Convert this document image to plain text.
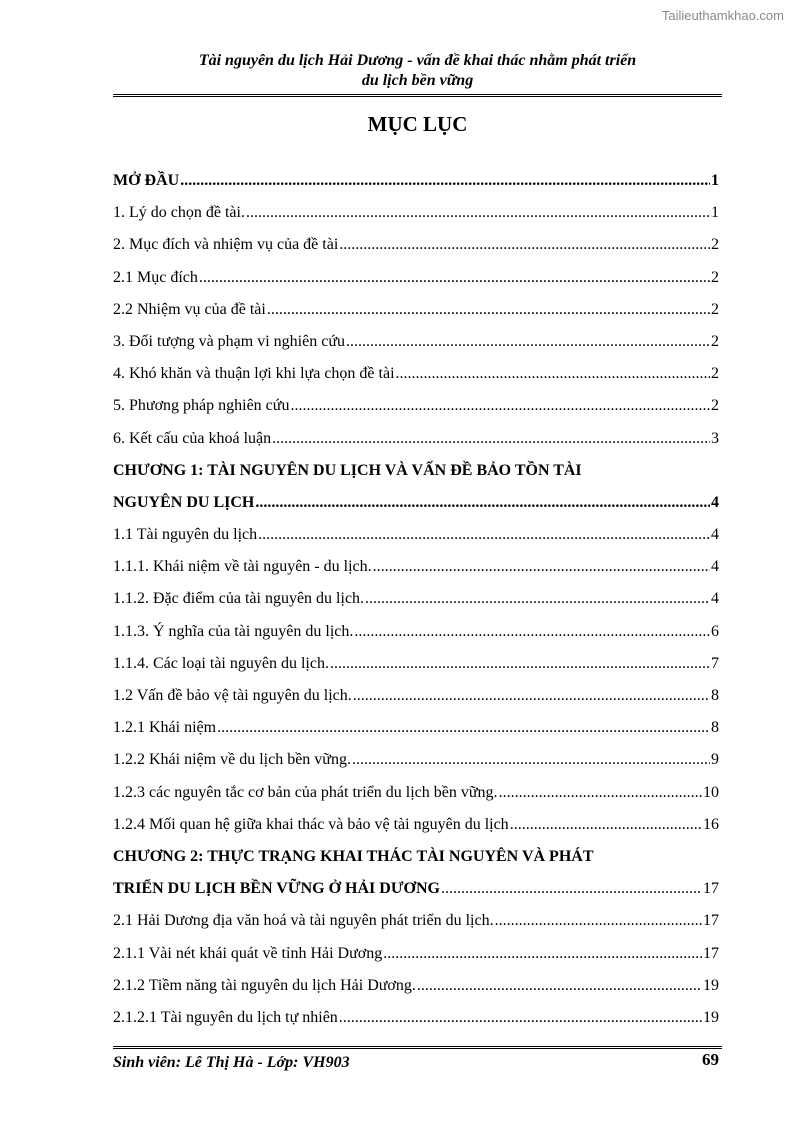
Tailieuthamkhao.com
Tài nguyên du lịch Hải Dương - vấn đề khai thác nhằm phát triển
du lịch bền vững
MỤC LỤC
MỞ ĐẦU .....	1
1. Lý do chọn đề tài. .....	1
2. Mục đích và nhiệm vụ của đề tài .....	2
2.1 Mục đích .....	2
2.2 Nhiệm vụ của đề tài .....	2
3. Đối tượng và phạm vi nghiên cứu .....	2
4. Khó khăn và thuận lợi khi lựa chọn đề tài .....	2
5. Phương pháp nghiên cứu .....	2
6. Kết cấu của khoá luận .....	3
CHƯƠNG 1: TÀI NGUYÊN DU LỊCH VÀ VẤN ĐỀ BẢO TỒN TÀI
NGUYÊN DU LỊCH .....	4
1.1 Tài nguyên du lịch .....	4
1.1.1. Khái niệm về tài nguyên - du lịch. .....	4
1.1.2. Đặc điểm của tài nguyên du lịch. .....	4
1.1.3. Ý nghĩa của tài nguyên du lịch. .....	6
1.1.4. Các loại tài nguyên du lịch. .....	7
1.2 Vấn đề bảo vệ tài nguyên du lịch. .....	8
1.2.1 Khái niệm .....	8
1.2.2 Khái niệm về du lịch bền vững. .....	9
1.2.3 các nguyên tắc cơ bản của phát triển du lịch bền vững. .....	10
1.2.4 Mối quan hệ giữa khai thác và bảo vệ tài nguyên du lịch .....	16
CHƯƠNG 2: THỰC TRẠNG KHAI THÁC TÀI NGUYÊN VÀ PHÁT
TRIỂN DU LỊCH BỀN VỮNG Ở HẢI DƯƠNG .....	17
2.1 Hải Dương địa văn hoá và tài nguyên phát triển du lịch. .....	17
2.1.1 Vài nét khái quát về tỉnh Hải Dương .....	17
2.1.2 Tiềm năng tài nguyên du lịch Hải Dương. .....	19
2.1.2.1 Tài nguyên du lịch tự nhiên .....	19
Sinh viên: Lê Thị Hà - Lớp: VH903	69
